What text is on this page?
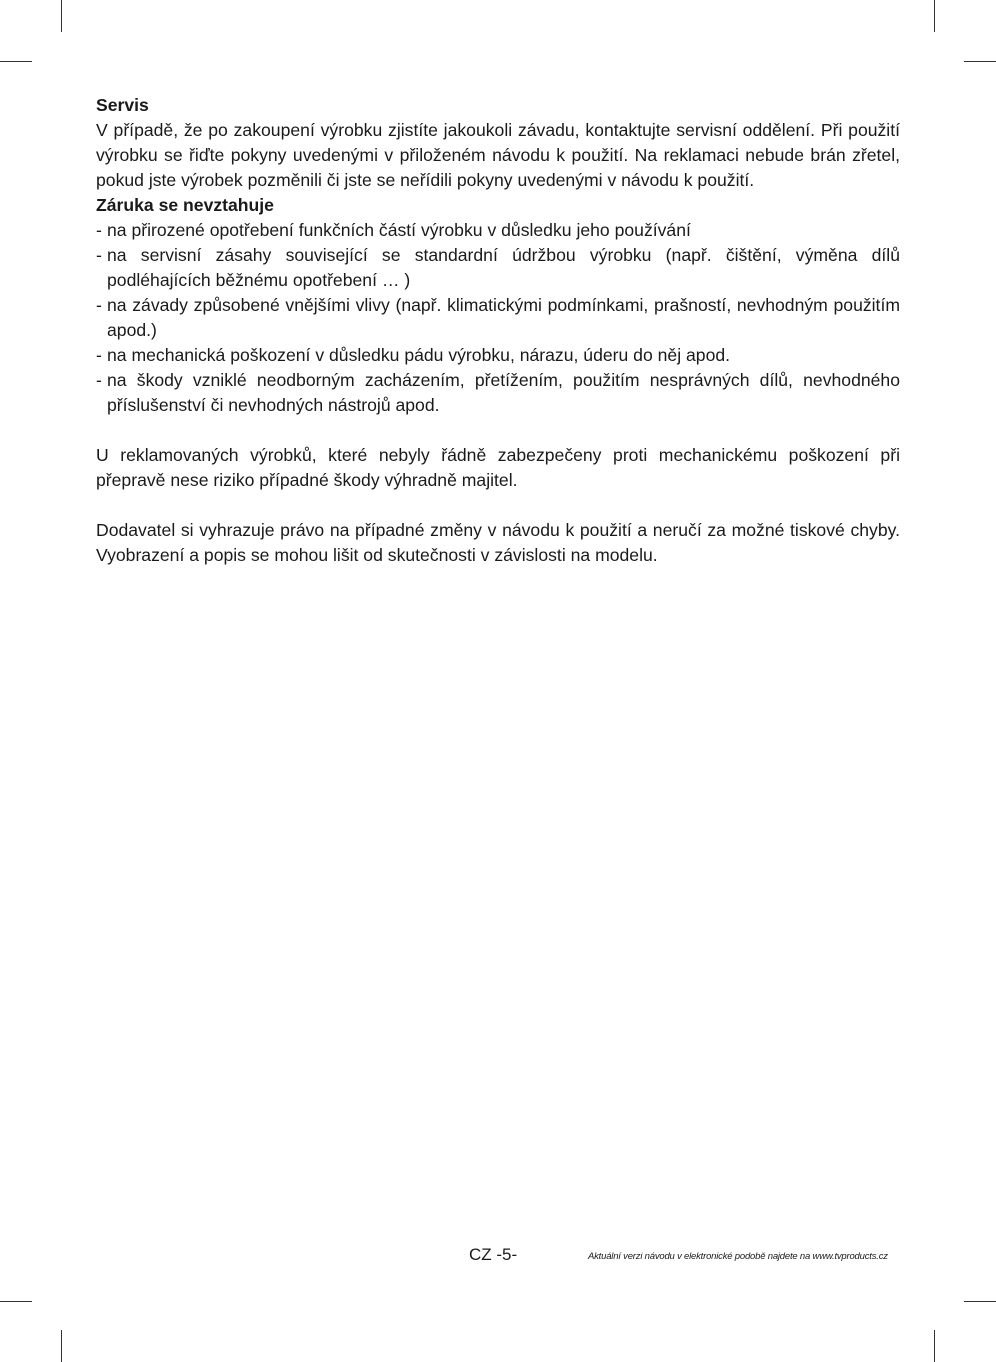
Servis

V případě, že po zakoupení výrobku zjistíte jakoukoli závadu, kontaktujte servisní oddělení. Při použití výrobku se řiďte pokyny uvedenými v přiloženém návodu k použití. Na reklamaci nebude brán zřetel, pokud jste výrobek pozměnili či jste se neřídili pokyny uvedenými v návodu k použití.

Záruka se nevztahuje

- na přirozené opotřebení funkčních částí výrobku v důsledku jeho používání
- na servisní zásahy související se standardní údržbou výrobku (např. čištění, výměna dílů podléhajících běžnému opotřebení … )
- na závady způsobené vnějšími vlivy (např. klimatickými podmínkami, prašností, nevhodným použitím apod.)
- na mechanická poškození v důsledku pádu výrobku, nárazu, úderu do něj apod.
- na škody vzniklé neodborným zacházením, přetížením, použitím nesprávných dílů, nevhodného příslušenství či nevhodných nástrojů apod.

U reklamovaných výrobků, které nebyly řádně zabezpečeny proti mechanickému poškození při přepravě nese riziko případné škody výhradně majitel.

Dodavatel si vyhrazuje právo na případné změny v návodu k použití a neručí za možné tiskové chyby. Vyobrazení a popis se mohou lišit od skutečnosti v závislosti na modelu.

CZ -5-	Aktuální verzi návodu v elektronické podobě najdete na www.tvproducts.cz
